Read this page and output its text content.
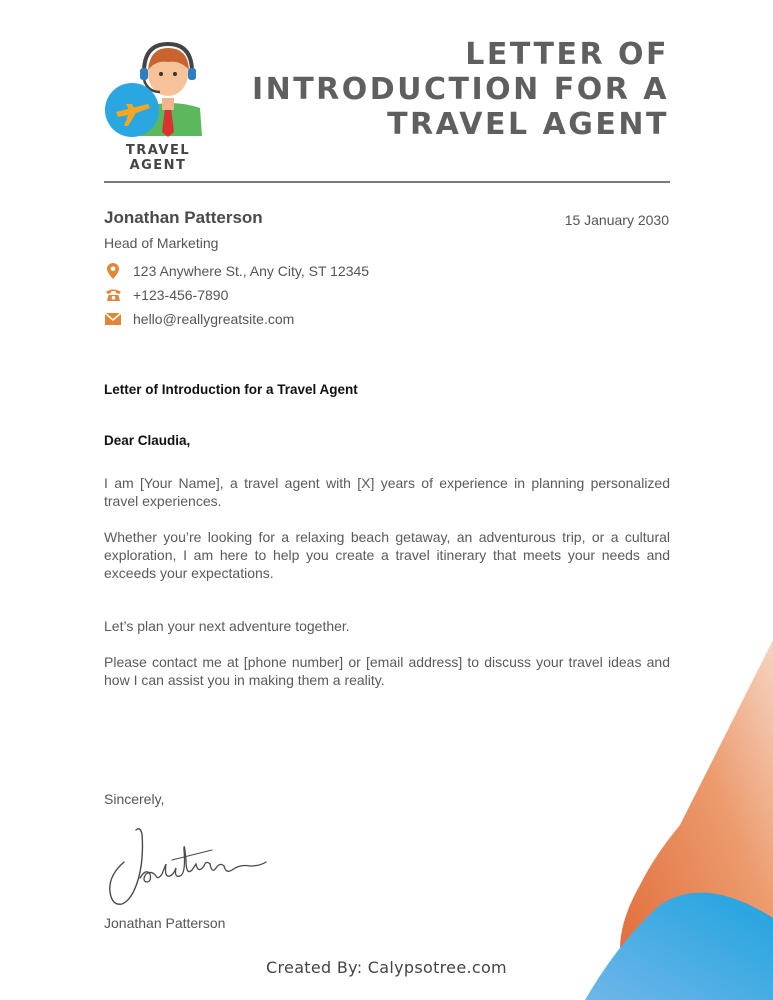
TRAVEL AGENT
LETTER OF
INTRODUCTION FOR A
TRAVEL AGENT
Jonathan Patterson
Head of Marketing
15 January 2030
123 Anywhere St., Any City, ST 12345
+123-456-7890
hello@reallygreatsite.com
Letter of Introduction for a Travel Agent
Dear Claudia,

I am [Your Name], a travel agent with [X] years of experience in planning personalized travel experiences.

Whether you’re looking for a relaxing beach getaway, an adventurous trip, or a cultural exploration, I am here to help you create a travel itinerary that meets your needs and exceeds your expectations.

Let’s plan your next adventure together.

Please contact me at [phone number] or [email address] to discuss your travel ideas and how I can assist you in making them a reality.

Sincerely,
Jonathan Patterson
Created By: Calypsotree.com
